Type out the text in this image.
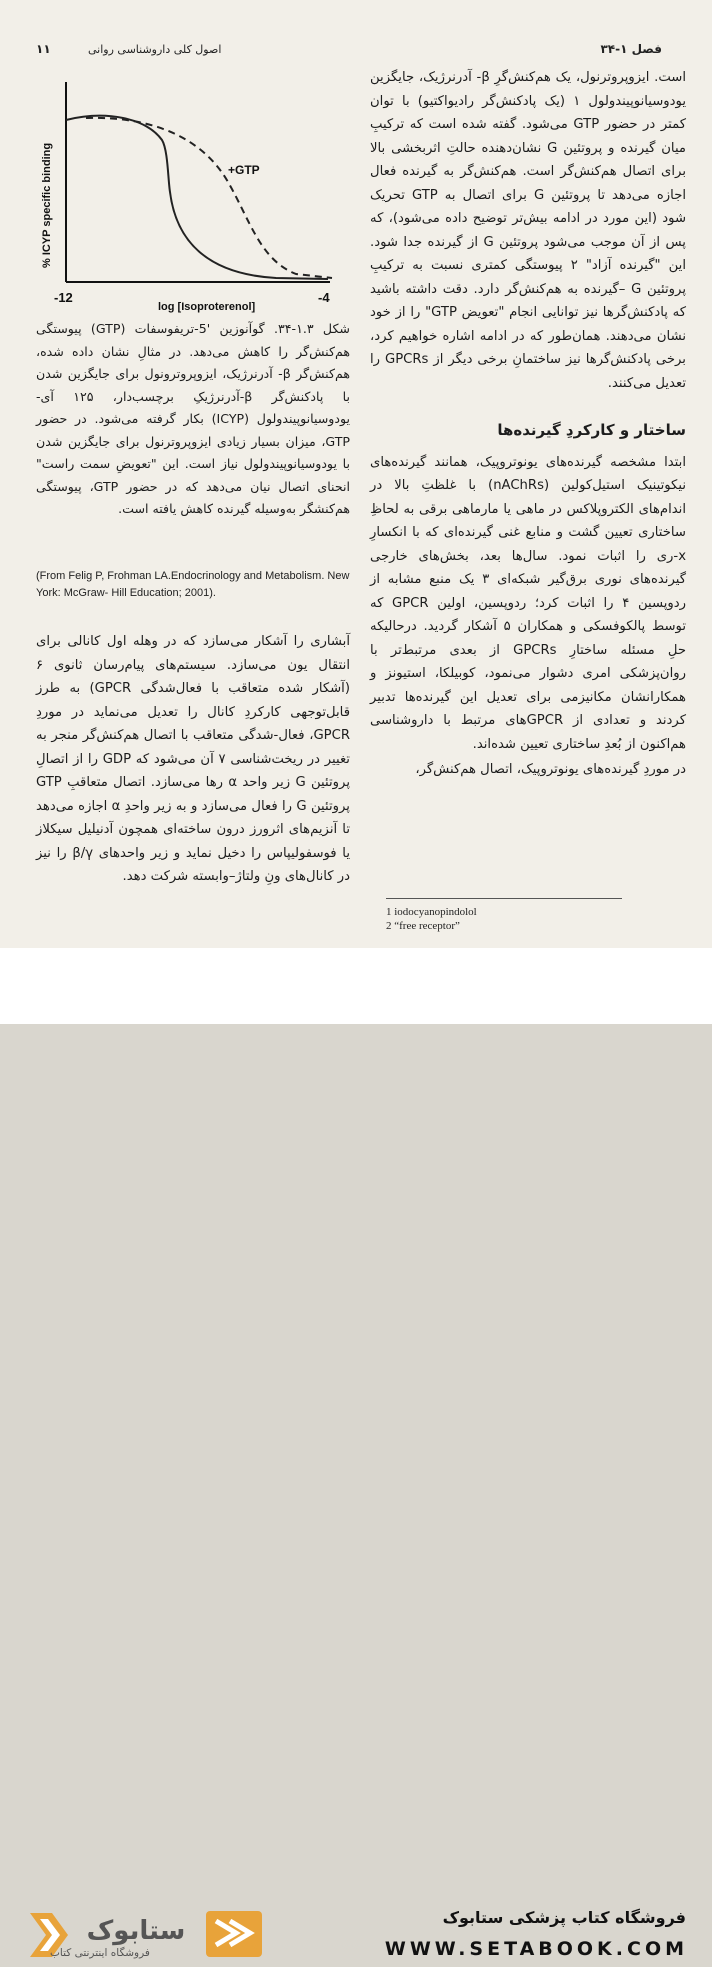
فصل ۱-۳۴
اصول کلی داروشناسی روانی
۱۱

است. ایزوپروترنول، یک هم‌کنش‌گرِ β- آدرنرژیک، جایگزین یودوسیانوپیندولول ۱ (یک پادکنش‌گر رادیواکتیو) با توان کمتر در حضور GTP می‌شود. گفته شده است که ترکیبِ میان گیرنده و پروتئین G نشان‌دهنده حالتِ اثربخشی بالا برای اتصال هم‌کنش‌گر است. هم‌کنش‌گر به گیرنده فعال اجازه می‌دهد تا پروتئین G برای اتصال به GTP تحریک شود (این مورد در ادامه بیش‌تر توضیح داده می‌شود)، که پس از آن موجب می‌شود پروتئین G از گیرنده جدا شود. این "گیرنده آزاد" ۲ پیوستگی کمتری نسبت به ترکیبِ پروتئین G –گیرنده به هم‌کنش‌گر دارد. دقت داشته باشید که پادکنش‌گرها نیز توانایی انجام "تعویض GTP" را از خود نشان می‌دهند. همان‌طور که در ادامه اشاره خواهیم کرد، برخی پادکنش‌گرها نیز ساختمانِ برخی دیگر از GPCRs را تعدیل می‌کنند.

ساختار و کارکردِ گیرنده‌ها

ابتدا مشخصه گیرنده‌های یونوتروپیک، همانند گیرنده‌های نیکوتینیک استیل‌کولین (nAChRs) با غلظتِ بالا در اندام‌های الکتروپلاکس در ماهی یا مارماهی برقی به لحاظِ ساختاری تعیین گشت و منابع غنی گیرنده‌ای که با انکسارِ x-ری را اثبات نمود. سال‌ها بعد، بخش‌های خارجی گیرنده‌های نوری برق‌گیر شبکه‌ای ۳ یک منبع مشابه از ردوپسین ۴ را اثبات کرد؛ ردوپسین، اولین GPCR که توسط پالکوفسکی و همکاران ۵ آشکار گردید. درحالیکه حلِ مسئله ساختارِ GPCRs از بعدی مرتبط‌تر با روان‌پزشکی امری دشوار می‌نمود، کوبیلکا، استیونز و همکارانشان مکانیزمی برای تعدیل این گیرنده‌ها تدبیر کردند و تعدادی از GPCRهای مرتبط با داروشناسی هم‌اکنون از بُعدِ ساختاری تعیین شده‌اند.

در موردِ گیرنده‌های یونوتروپیک، اتصال هم‌کنش‌گر،

% ICYP specific binding	+GTP
-12	-4
log [Isoproterenol]

شکل ۱.۳-۳۴. گوآنوزین '5-تریفوسفات (GTP) پیوستگی هم‌کنش‌گر را کاهش می‌دهد. در مثالِ نشان داده شده، هم‌کنش‌گر β- آدرنرژیک، ایزوپروترونول برای جایگزین شدن با پادکنش‌گر β-آدرنرژیکِ برچسب‌دار، ۱۲۵ آی-یودوسیانوپیندولول (ICYP) بکار گرفته می‌شود. در حضور GTP، میزان بسیار زیادی ایزوپروترنول برای جایگزین شدن با یودوسیانوپیندولول نیاز است. این "تعویضِ سمت راست" انحنای اتصال نیان می‌دهد که در حضور GTP، پیوستگی هم‌کنشگر به‌وسیله گیرنده کاهش یافته است.

(From Felig P, Frohman LA.Endocrinology and Metabolism. New York: McGraw- Hill Education; 2001).

آبشاری را آشکار می‌سازد که در وهله اول کانالی برای انتقال یون می‌سازد. سیستم‌های پیام‌رسان ثانوی ۶ (آشکار شده متعاقب با فعال‌شدگی GPCR) به طرز قابل‌توجهی کارکردِ کانال را تعدیل می‌نماید در موردِ GPCR، فعال-شدگی متعاقب با اتصال هم‌کنش‌گر منجر به تغییر در ریخت‌شناسی ۷ آن می‌شود که GDP را از اتصالِ پروتئین G زیر واحد α رها می‌سازد. اتصال متعاقبِ GTP پروتئین G را فعال می‌سازد و به زیر واحدِ α اجازه می‌دهد تا آنزیم‌های اثرورز درون ساخته‌ای همچون آدنیلیل سیکلاز یا فوسفولیپاس را دخیل نماید و زیر واحدهای β/γ را نیز در کانال‌های ونِ ولتاژ–وابسته شرکت دهد.

1 iodocyanopindolol
2 “free receptor”
ستابوک
فروشگاه اینترنتی کتاب
فروشگاه کتاب پزشکی ستابوک
WWW.SETABOOK.COM
